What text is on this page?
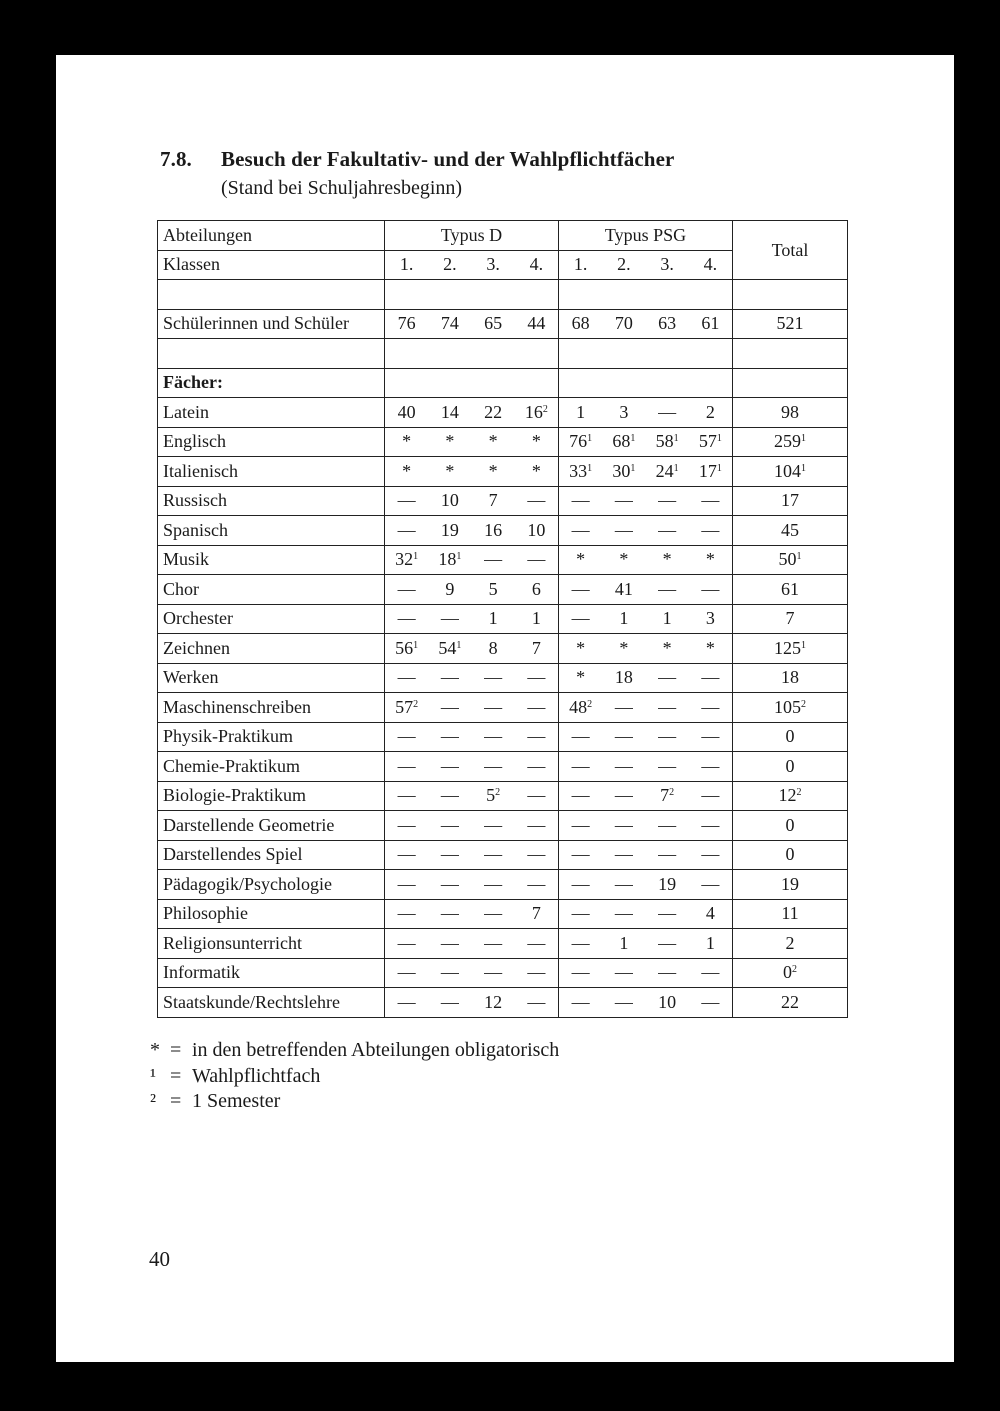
7.8. Besuch der Fakultativ- und der Wahlpflichtfächer
(Stand bei Schuljahresbeginn)
Abteilungen	Typus D	Typus PSG	Total
Klassen	1. 2. 3. 4.	1. 2. 3. 4.	

Schülerinnen und Schüler	76 74 65 44	68 70 63 61	521

Fächer:			
Latein	40 14 22 $16^2$	1 3 — 2	98
Englisch	* * * *	$76^1$ $68^1$ $58^1$ $57^1$	$259^1$
Italienisch	* * * *	$33^1$ $30^1$ $24^1$ $17^1$	$104^1$
Russisch	— 10 7 —	— — — —	17
Spanisch	— 19 16 10	— — — —	45
Musik	$32^1$ $18^1$ — —	* * * *	$50^1$
Chor	— 9 5 6	— 41 — —	61
Orchester	— — 1 1	— 1 1 3	7
Zeichnen	$56^1$ $54^1$ 8 7	* * * *	$125^1$
Werken	— — — —	* 18 — —	18
Maschinenschreiben	$57^2$ — — —	$48^2$ — — —	$105^2$
Physik-Praktikum	— — — —	— — — —	0
Chemie-Praktikum	— — — —	— — — —	0
Biologie-Praktikum	— — $5^2$ —	— — $7^2$ —	$12^2$
Darstellende Geometrie	— — — —	— — — —	0
Darstellendes Spiel	— — — —	— — — —	0
Pädagogik/Psychologie	— — — —	— — 19 —	19
Philosophie	— — — 7	— — — 4	11
Religionsunterricht	— — — —	— 1 — 1	2
Informatik	— — — —	— — — —	$0^2$
Staatskunde/Rechtslehre	— — 12 —	— — 10 —	22
* = in den betreffenden Abteilungen obligatorisch
¹ = Wahlpflichtfach
² = 1 Semester
40
